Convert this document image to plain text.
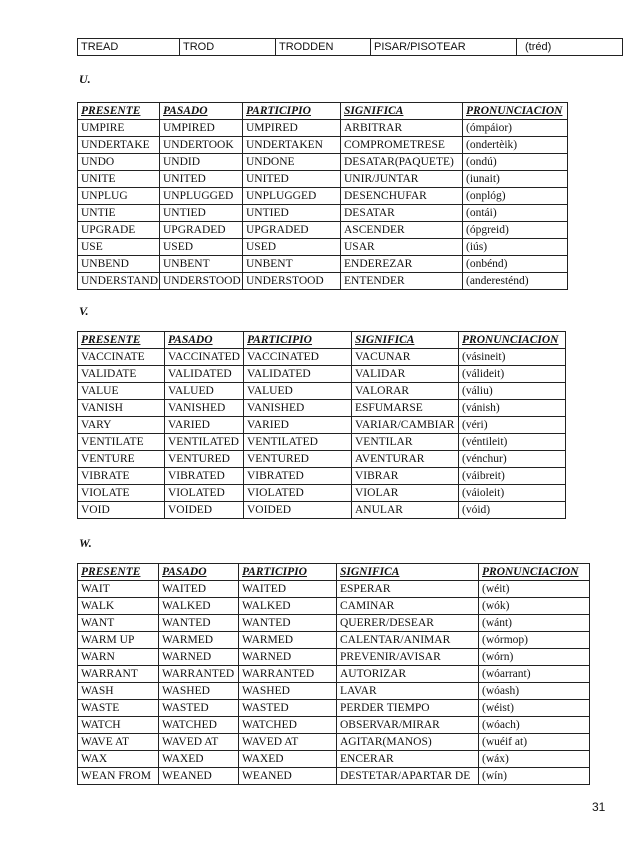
TREAD	TROD	TRODDEN	PISAR/PISOTEAR	(tréd)
U.
PRESENTE	PASADO	PARTICIPIO	SIGNIFICA	PRONUNCIACION
UMPIRE	UMPIRED	UMPIRED	ARBITRAR	(ómpáior)
UNDERTAKE	UNDERTOOK	UNDERTAKEN	COMPROMETRESE	(ondertèik)
UNDO	UNDID	UNDONE	DESATAR(PAQUETE)	(ondú)
UNITE	UNITED	UNITED	UNIR/JUNTAR	(iunait)
UNPLUG	UNPLUGGED	UNPLUGGED	DESENCHUFAR	(onplóg)
UNTIE	UNTIED	UNTIED	DESATAR	(ontái)
UPGRADE	UPGRADED	UPGRADED	ASCENDER	(ópgreid)
USE	USED	USED	USAR	(iús)
UNBEND	UNBENT	UNBENT	ENDEREZAR	(onbénd)
UNDERSTAND	UNDERSTOOD	UNDERSTOOD	ENTENDER	(anderesténd)
V.
PRESENTE	PASADO	PARTICIPIO	SIGNIFICA	PRONUNCIACION
VACCINATE	VACCINATED	VACCINATED	VACUNAR	(vásineit)
VALIDATE	VALIDATED	VALIDATED	VALIDAR	(válideit)
VALUE	VALUED	VALUED	VALORAR	(váliu)
VANISH	VANISHED	VANISHED	ESFUMARSE	(vánish)
VARY	VARIED	VARIED	VARIAR/CAMBIAR	(véri)
VENTILATE	VENTILATED	VENTILATED	VENTILAR	(véntileit)
VENTURE	VENTURED	VENTURED	AVENTURAR	(vénchur)
VIBRATE	VIBRATED	VIBRATED	VIBRAR	(váibreit)
VIOLATE	VIOLATED	VIOLATED	VIOLAR	(váioleit)
VOID	VOIDED	VOIDED	ANULAR	(vóid)
W.
PRESENTE	PASADO	PARTICIPIO	SIGNIFICA	PRONUNCIACION
WAIT	WAITED	WAITED	ESPERAR	(wéit)
WALK	WALKED	WALKED	CAMINAR	(wók)
WANT	WANTED	WANTED	QUERER/DESEAR	(wánt)
WARM UP	WARMED	WARMED	CALENTAR/ANIMAR	(wórmop)
WARN	WARNED	WARNED	PREVENIR/AVISAR	(wórn)
WARRANT	WARRANTED	WARRANTED	AUTORIZAR	(wóarrant)
WASH	WASHED	WASHED	LAVAR	(wóash)
WASTE	WASTED	WASTED	PERDER TIEMPO	(wéist)
WATCH	WATCHED	WATCHED	OBSERVAR/MIRAR	(wóach)
WAVE AT	WAVED AT	WAVED AT	AGITAR(MANOS)	(wuéif at)
WAX	WAXED	WAXED	ENCERAR	(wáx)
WEAN FROM	WEANED	WEANED	DESTETAR/APARTAR DE	(wín)
31
